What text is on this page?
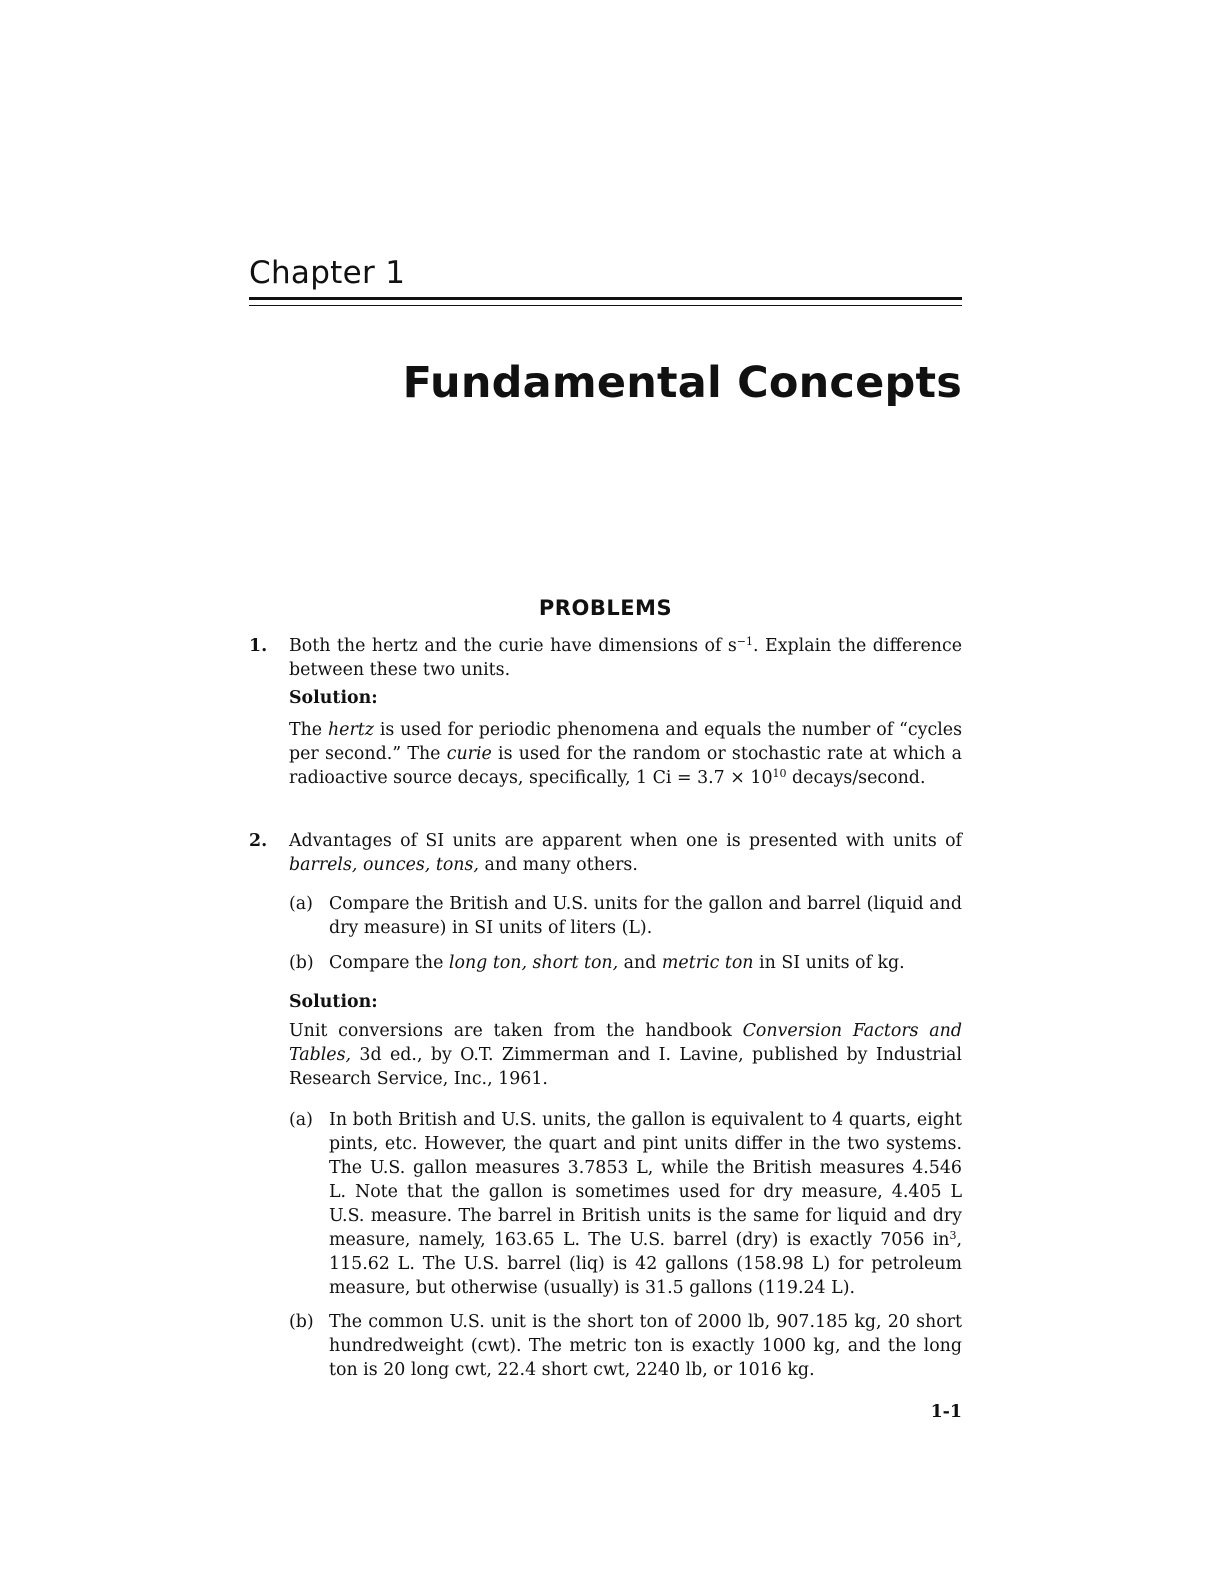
Chapter 1
Fundamental Concepts
PROBLEMS
1. Both the hertz and the curie have dimensions of $s^{-1}$. Explain the difference between these two units.
Solution:
The hertz is used for periodic phenomena and equals the number of “cycles per second.” The curie is used for the random or stochastic rate at which a radioactive source decays, specifically, 1 $Ci = 3.7 \times 10^{10}$ decays/second.
2. Advantages of SI units are apparent when one is presented with units of barrels, ounces, tons, and many others.
(a) Compare the British and U.S. units for the gallon and barrel (liquid and dry measure) in SI units of liters (L).
(b) Compare the long ton, short ton, and metric ton in SI units of kg.
Solution:
Unit conversions are taken from the handbook Conversion Factors and Tables, 3d ed., by O.T. Zimmerman and I. Lavine, published by Industrial Research Service, Inc., 1961.
(a) In both British and U.S. units, the gallon is equivalent to 4 quarts, eight pints, etc. However, the quart and pint units differ in the two systems. The U.S. gallon measures 3.7853 L, while the British measures 4.546 L. Note that the gallon is sometimes used for dry measure, 4.405 L U.S. measure. The barrel in British units is the same for liquid and dry measure, namely, 163.65 L. The U.S. barrel (dry) is exactly 7056 $in^3$, 115.62 L. The U.S. barrel (liq) is 42 gallons (158.98 L) for petroleum measure, but otherwise (usually) is 31.5 gallons (119.24 L).
(b) The common U.S. unit is the short ton of 2000 lb, 907.185 kg, 20 short hundredweight (cwt). The metric ton is exactly 1000 kg, and the long ton is 20 long cwt, 22.4 short cwt, 2240 lb, or 1016 kg.
1-1
